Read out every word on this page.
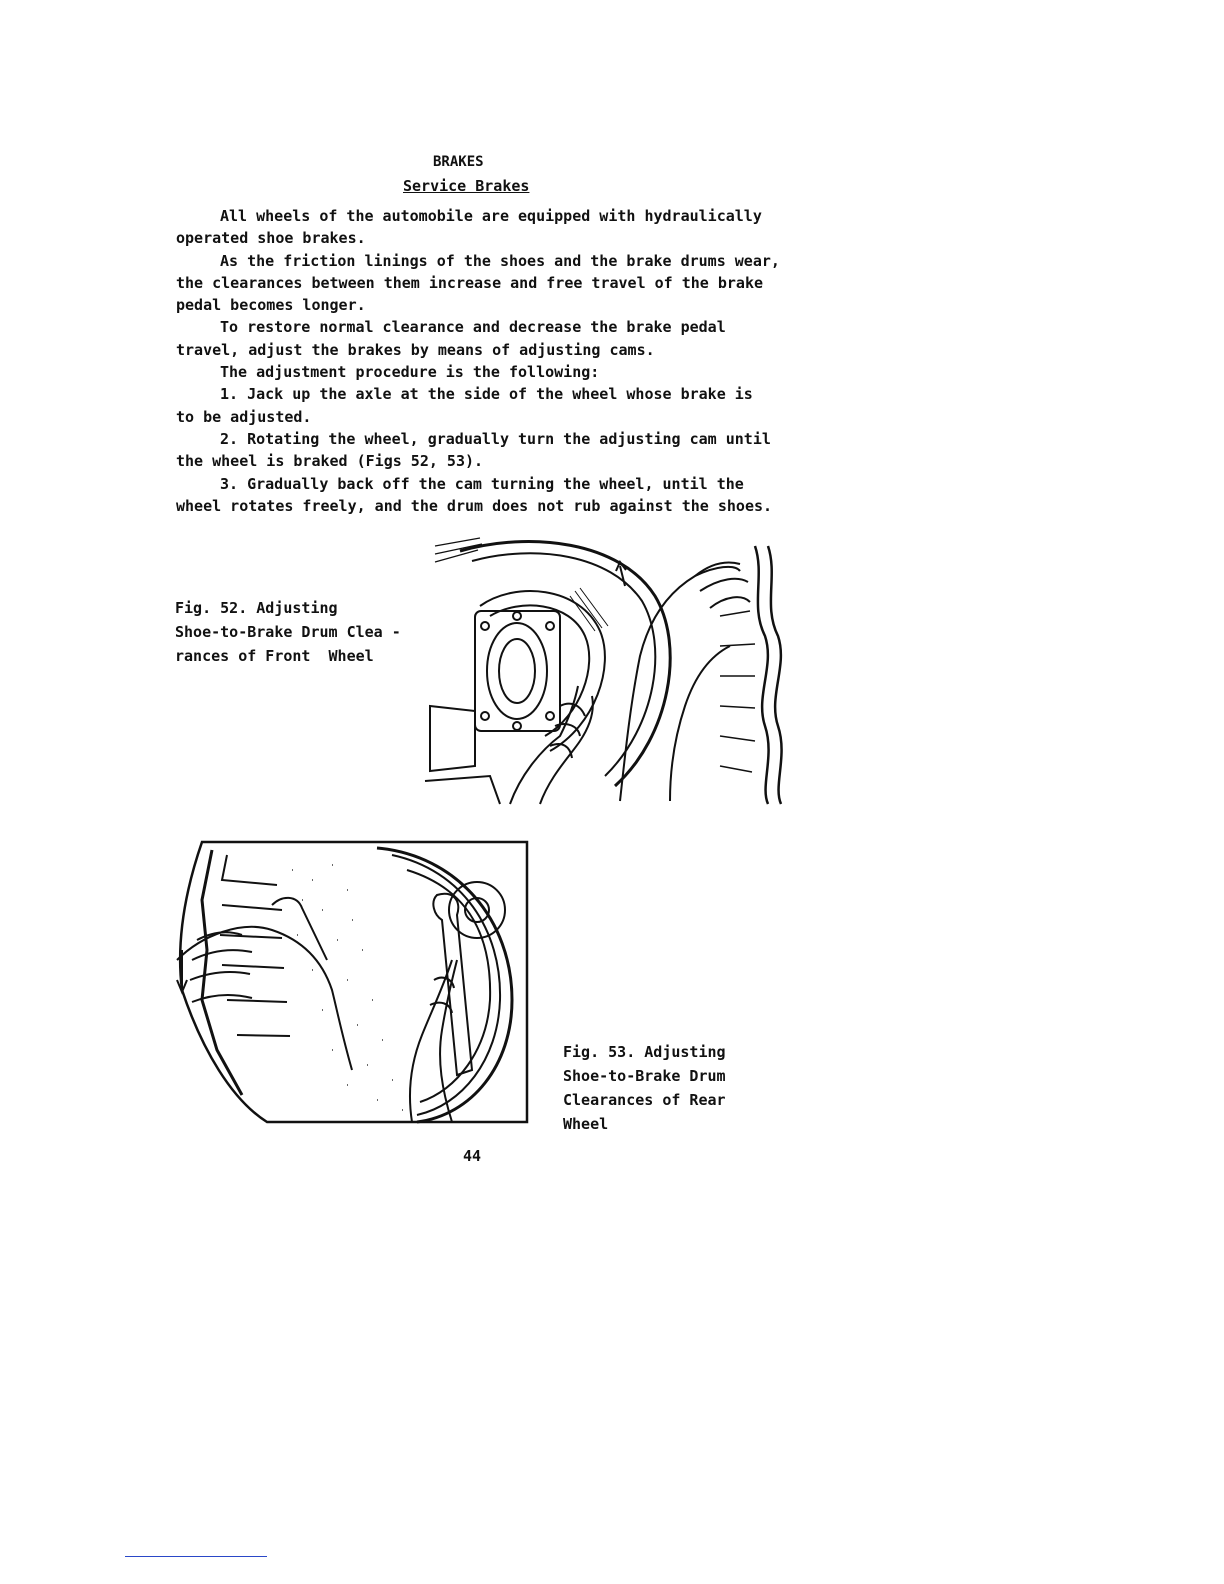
BRAKES
Service Brakes

All wheels of the automobile are equipped with hydraulically
operated shoe brakes.

As the friction linings of the shoes and the brake drums wear,
the clearances between them increase and free travel of the brake
pedal becomes longer.

To restore normal clearance and decrease the brake pedal
travel, adjust the brakes by means of adjusting cams.

The adjustment procedure is the following:

1. Jack up the axle at the side of the wheel whose brake is
to be adjusted.

2. Rotating the wheel, gradually turn the adjusting cam until
the wheel is braked (Figs 52, 53).

3. Gradually back off the cam turning the wheel, until the
wheel rotates freely, and the drum does not rub against the shoes.

Fig. 52. Adjusting
Shoe-to-Brake Drum Clea -
rances of Front  Wheel
Fig. 53. Adjusting
Shoe-to-Brake Drum
Clearances of Rear
Wheel
44
